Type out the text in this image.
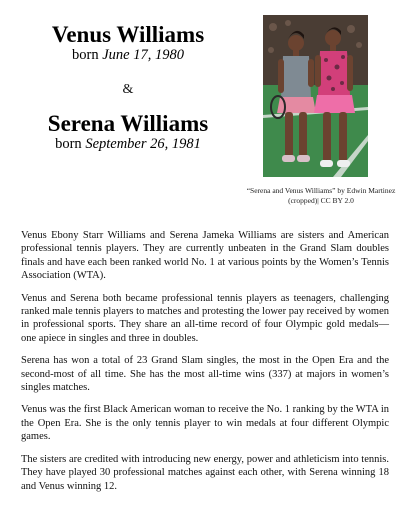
Venus Williams
born June 17, 1980
&
Serena Williams
born September 26, 1981
“Serena and Venus Williams” by Edwin Martinez (cropped)| CC BY 2.0

Venus Ebony Starr Williams and Serena Jameka Williams are sisters and American professional tennis players. They are currently unbeaten in the Grand Slam doubles finals and have each been ranked world No. 1 at various points by the Women’s Tennis Association (WTA).

Venus and Serena both became professional tennis players as teenagers, challenging ranked male tennis players to matches and protesting the lower pay received by women in professional sports. They share an all-time record of four Olympic gold medals—one apiece in singles and three in doubles.

Serena has won a total of 23 Grand Slam singles, the most in the Open Era and the second-most of all time. She has the most all-time wins (337) at majors in women’s singles matches.

Venus was the first Black American woman to receive the No. 1 ranking by the WTA in the Open Era. She is the only tennis player to win medals at four different Olympic games.

The sisters are credited with introducing new energy, power and athleticism into tennis. They have played 30 professional matches against each other, with Serena winning 18 and Venus winning 12.
